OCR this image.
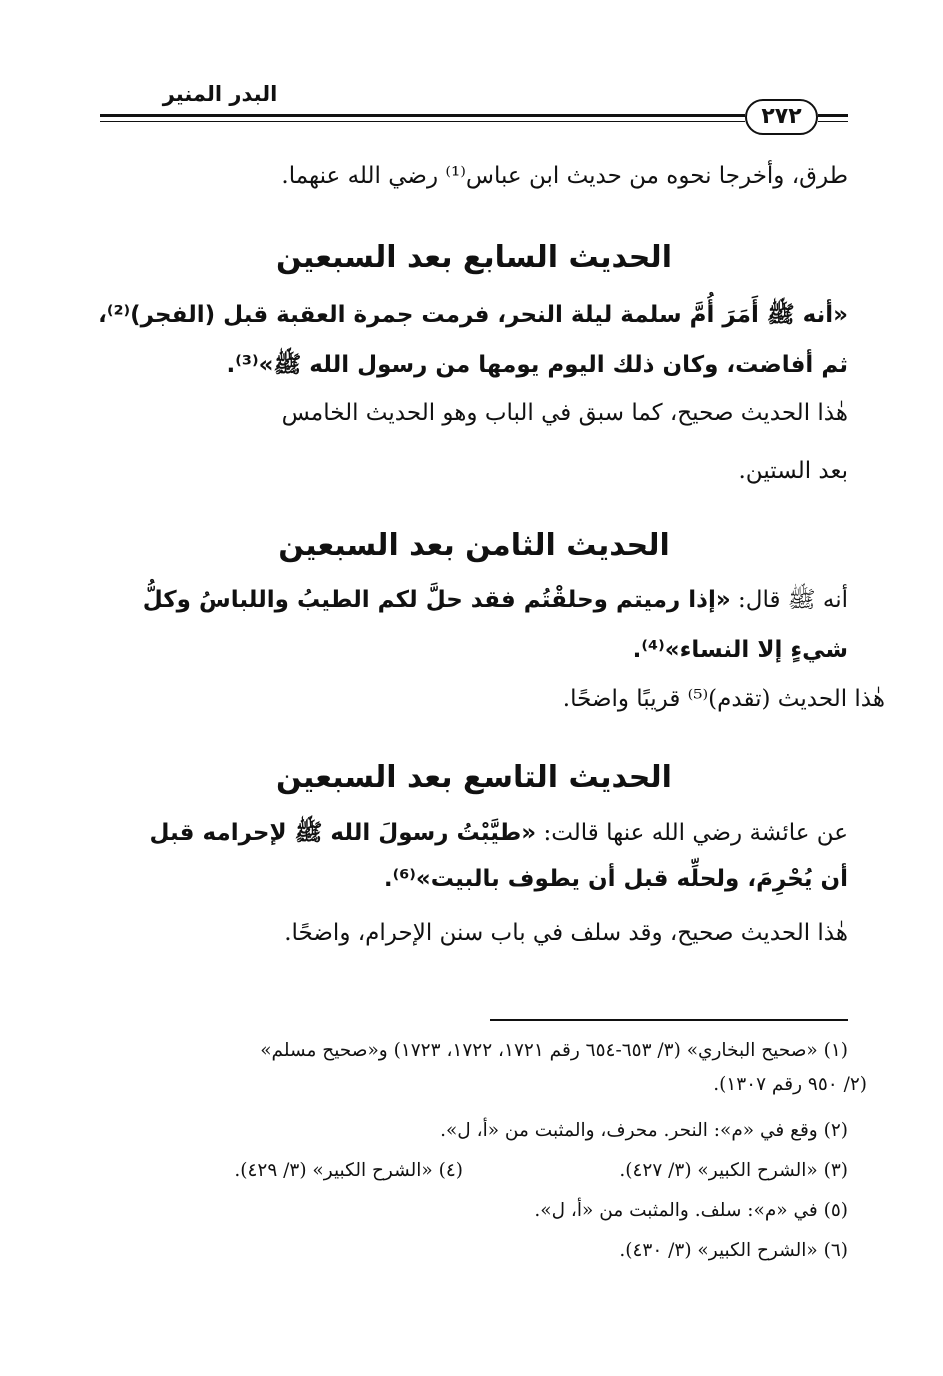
البدر المنير
٢٧٢
طرق، وأخرجا نحوه من حديث ابن عباس⁽¹⁾ رضي الله عنهما.
الحديث السابع بعد السبعين
«أنه ﷺ أَمَرَ أُمَّ سلمة ليلة النحر، فرمت جمرة العقبة قبل (الفجر)⁽²⁾،
ثم أفاضت، وكان ذلك اليوم يومها من رسول الله ﷺ»⁽³⁾.
هٰذا الحديث صحيح، كما سبق في الباب وهو الحديث الخامس
بعد الستين.
الحديث الثامن بعد السبعين
أنه ﷺ قال: «إذا رميتم وحلقْتُم فقد حلَّ لكم الطيبُ واللباسُ وكلُّ
شيءٍ إلا النساء»⁽⁴⁾.
هٰذا الحديث (تقدم)⁽⁵⁾ قريبًا واضحًا.
الحديث التاسع بعد السبعين
عن عائشة رضي الله عنها قالت: «طيَّبْتُ رسولَ الله ﷺ لإحرامه قبل
أن يُحْرِمَ، ولحلِّه قبل أن يطوف بالبيت»⁽⁶⁾.
هٰذا الحديث صحيح، وقد سلف في باب سنن الإحرام، واضحًا.
(١) «صحيح البخاري» (٣/ ٦٥٣-٦٥٤ رقم ١٧٢١، ١٧٢٢، ١٧٢٣) و«صحيح مسلم»
(٢/ ٩٥٠ رقم ١٣٠٧).
(٢) وقع في «م»: النحر. محرف، والمثبت من «أ، ل».
(٣) «الشرح الكبير» (٣/ ٤٢٧).
(٤) «الشرح الكبير» (٣/ ٤٢٩).
(٥) في «م»: سلف. والمثبت من «أ، ل».
(٦) «الشرح الكبير» (٣/ ٤٣٠).
